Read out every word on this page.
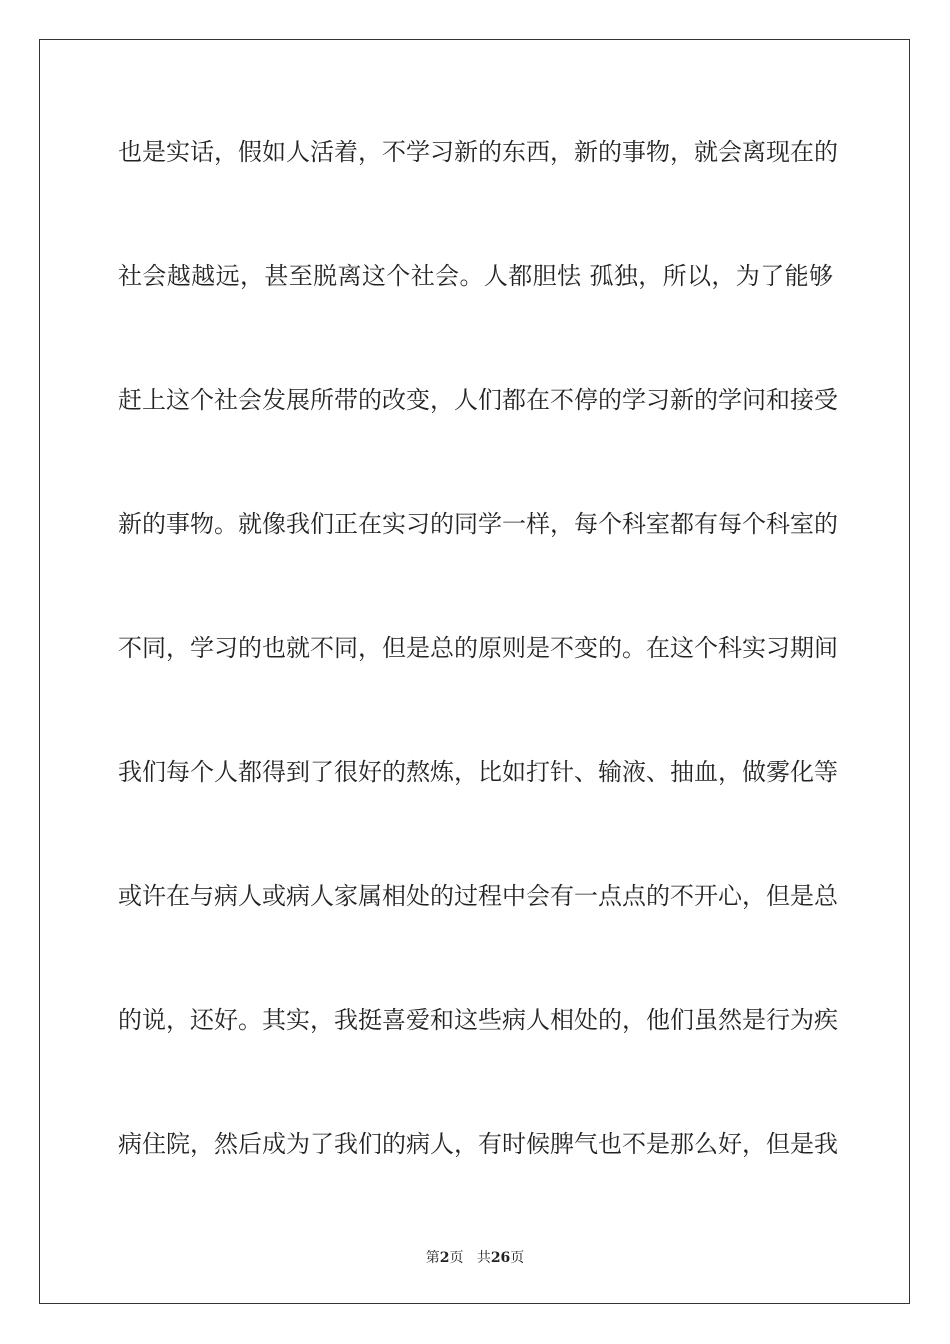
也是实话，假如人活着，不学习新的东西，新的事物，就会离现在的
社会越越远，甚至脱离这个社会。人都胆怯 孤独，所以，为了能够
赶上这个社会发展所带的改变，人们都在不停的学习新的学问和接受
新的事物。就像我们正在实习的同学一样，每个科室都有每个科室的
不同，学习的也就不同，但是总的原则是不变的。在这个科实习期间
我们每个人都得到了很好的熬炼，比如打针、输液、抽血，做雾化等
或许在与病人或病人家属相处的过程中会有一点点的不开心，但是总
的说，还好。其实，我挺喜爱和这些病人相处的，他们虽然是行为疾
病住院，然后成为了我们的病人，有时候脾气也不是那么好，但是我
第2页 共26页
